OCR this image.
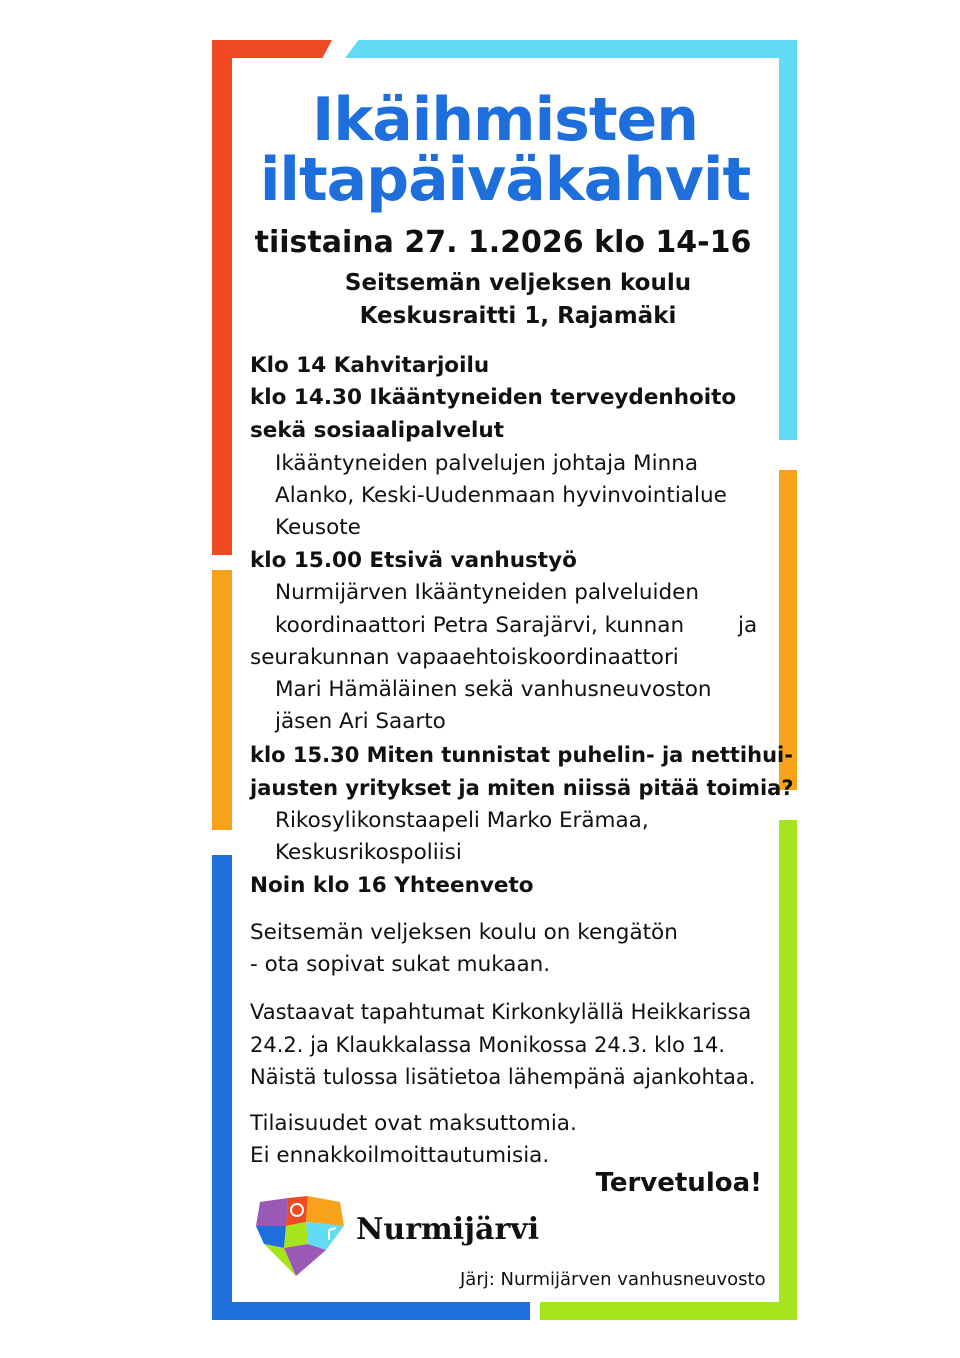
Ikäihmisten
iltapäiväkahvit
tiistaina 27. 1.2026 klo 14-16
Seitsemän veljeksen koulu
Keskusraitti 1, Rajamäki
Klo 14 Kahvitarjoilu
klo 14.30 Ikääntyneiden terveydenhoito
sekä sosiaalipalvelut
Ikääntyneiden palvelujen johtaja Minna
Alanko, Keski-Uudenmaan hyvinvointialue
Keusote
klo 15.00 Etsivä vanhustyö
Nurmijärven Ikääntyneiden palveluiden
koordinaattori Petra Sarajärvi, kunnan	ja
seurakunnan vapaaehtoiskoordinaattori
Mari Hämäläinen sekä vanhusneuvoston
jäsen Ari Saarto
klo 15.30 Miten tunnistat puhelin- ja nettihui-
jausten yritykset ja miten niissä pitää toimia?
Rikosylikonstaapeli Marko Erämaa,
Keskusrikospoliisi
Noin klo 16 Yhteenveto
Seitsemän veljeksen koulu on kengätön
- ota sopivat sukat mukaan.
Vastaavat tapahtumat Kirkonkylällä Heikkarissa
24.2. ja Klaukkalassa Monikossa 24.3. klo 14.
Näistä tulossa lisätietoa lähempänä ajankohtaa.
Tilaisuudet ovat maksuttomia.
Ei ennakkoilmoittautumisia.
Tervetuloa!
Nurmijärvi
Järj: Nurmijärven vanhusneuvosto
